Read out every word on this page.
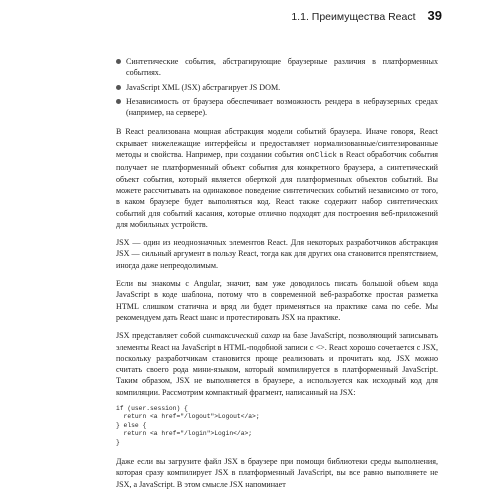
1.1. Преимущества React 39
Синтетические события, абстрагирующие браузерные различия в платформенных событиях.
JavaScript XML (JSX) абстрагирует JS DOM.
Независимость от браузера обеспечивает возможность рендера в небраузерных средах (например, на сервере).

В React реализована мощная абстракция модели событий браузера. Иначе говоря, React скрывает нижележащие интерфейсы и предоставляет нормализованные/синтезированные методы и свойства. Например, при создании события onClick в React обработчик события получает не платформенный объект события для конкретного браузера, а синтетический объект события, который является оберткой для платформенных объектов событий. Вы можете рассчитывать на одинаковое поведение синтетических событий независимо от того, в каком браузере будет выполняться код. React также содержит набор синтетических событий для событий касания, которые отлично подходят для построения веб-приложений для мобильных устройств.

JSX — один из неоднозначных элементов React. Для некоторых разработчиков абстракция JSX — сильный аргумент в пользу React, тогда как для других она становится препятствием, иногда даже непреодолимым.

Если вы знакомы с Angular, значит, вам уже доводилось писать большой объем кода JavaScript в коде шаблона, потому что в современной веб-разработке простая разметка HTML слишком статична и вряд ли будет применяться на практике сама по себе. Мы рекомендуем дать React шанс и протестировать JSX на практике.

JSX представляет собой синтаксический сахар на базе JavaScript, позволяющий записывать элементы React на JavaScript в HTML-подобной записи с <>. React хорошо сочетается с JSX, поскольку разработчикам становится проще реализовать и прочитать код. JSX можно считать своего рода мини-языком, который компилируется в платформенный JavaScript. Таким образом, JSX не выполняется в браузере, а используется как исходный код для компиляции. Рассмотрим компактный фрагмент, написанный на JSX:

if (user.session) {
return <a href="/logout">Logout</a>;
} else {
return <a href="/login">Login</a>;
}

Даже если вы загрузите файл JSX в браузере при помощи библиотеки среды выполнения, которая сразу компилирует JSX в платформенный JavaScript, вы все равно выполняете не JSX, а JavaScript. В этом смысле JSX напоминает
